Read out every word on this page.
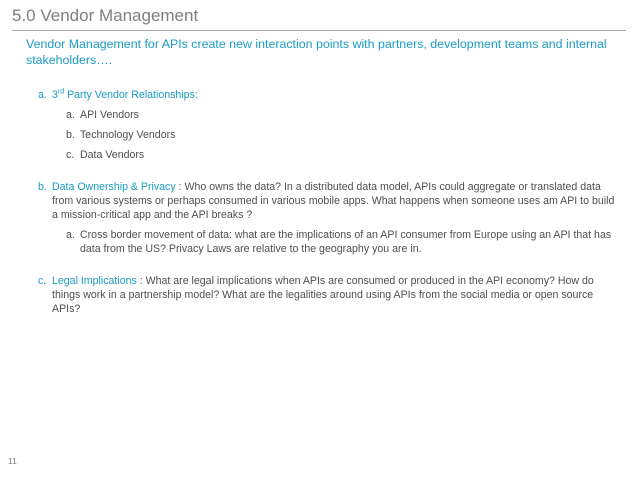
5.0 Vendor Management
Vendor Management for APIs create new interaction points with partners, development teams and internal stakeholders….
a. 3rd Party Vendor Relationships:
a. API Vendors
b. Technology Vendors
c. Data Vendors
b. Data Ownership & Privacy : Who owns the data? In a distributed data model, APIs could aggregate or translated data from various systems or perhaps consumed in various mobile apps. What happens when someone uses am API to build a mission-critical app and the API breaks ?
a. Cross border movement of data: what are the implications of an API consumer from Europe using an API that has data from the US? Privacy Laws are relative to the geography you are in.
c. Legal Implications : What are legal implications when APIs are consumed or produced in the API economy? How do things work in a partnership model? What are the legalities around using APIs from the social media or open source APIs?
11
